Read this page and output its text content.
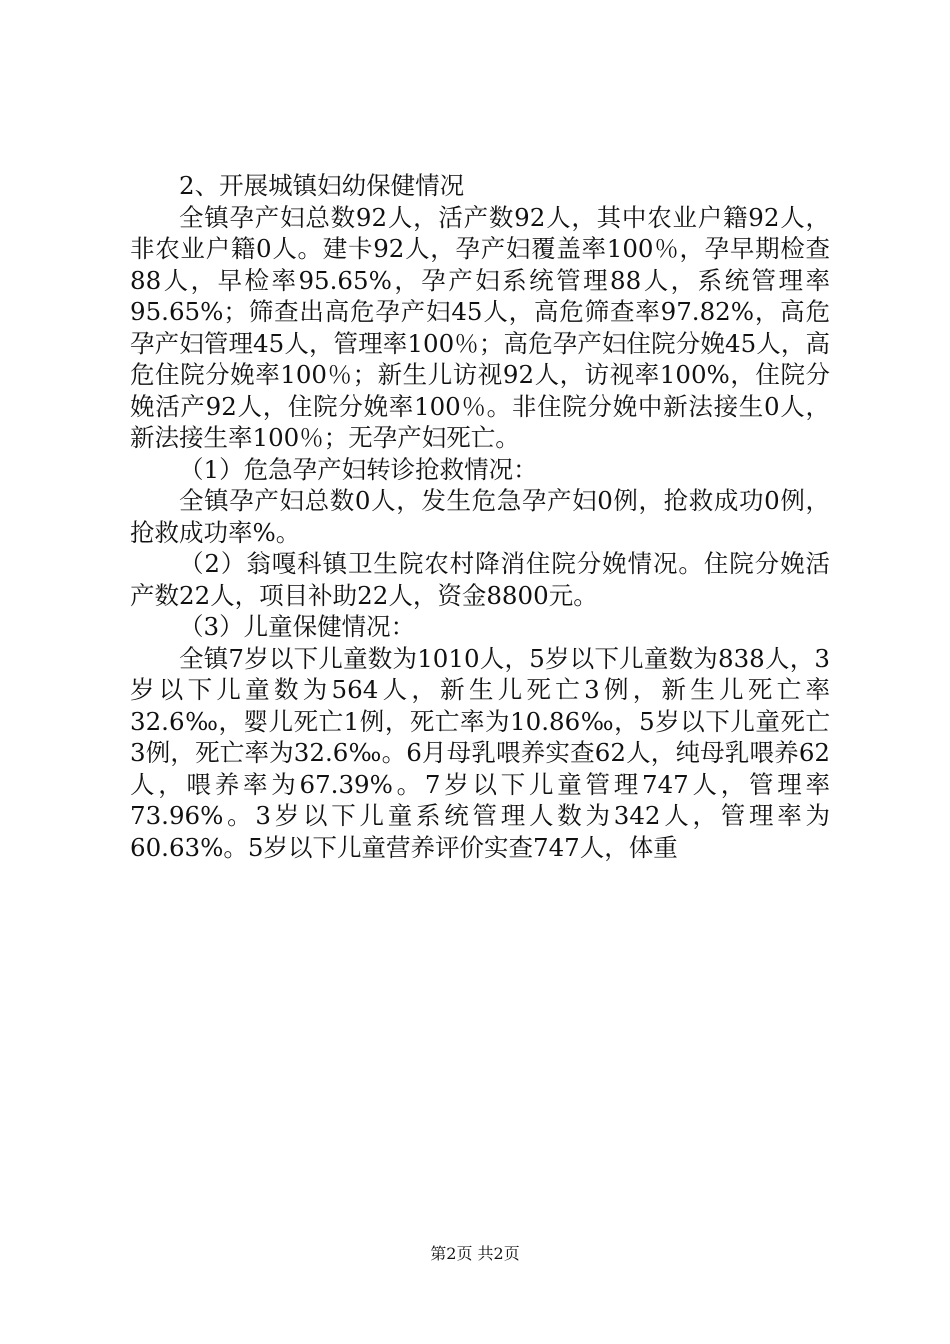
2、开展城镇妇幼保健情况

全镇孕产妇总数92人，活产数92人，其中农业户籍92人，非农业户籍0人。建卡92人，孕产妇覆盖率100％，孕早期检查88人，早检率95.65%，孕产妇系统管理88人，系统管理率95.65%；筛查出高危孕产妇45人，高危筛查率97.82%，高危孕产妇管理45人，管理率100％；高危孕产妇住院分娩45人，高危住院分娩率100％；新生儿访视92人，访视率100%，住院分娩活产92人，住院分娩率100％。非住院分娩中新法接生0人，新法接生率100％；无孕产妇死亡。

（1）危急孕产妇转诊抢救情况：

全镇孕产妇总数0人，发生危急孕产妇0例，抢救成功0例，抢救成功率%。

（2）翁嘎科镇卫生院农村降消住院分娩情况。住院分娩活产数22人，项目补助22人，资金8800元。

（3）儿童保健情况：

全镇7岁以下儿童数为1010人，5岁以下儿童数为838人，3岁以下儿童数为564人，新生儿死亡3例，新生儿死亡率32.6‰，婴儿死亡1例，死亡率为10.86‰，5岁以下儿童死亡3例，死亡率为32.6‰。6月母乳喂养实查62人，纯母乳喂养62人，喂养率为67.39%。7岁以下儿童管理747人，管理率73.96%。3岁以下儿童系统管理人数为342人，管理率为60.63%。5岁以下儿童营养评价实查747人，体重

第2页 共2页
